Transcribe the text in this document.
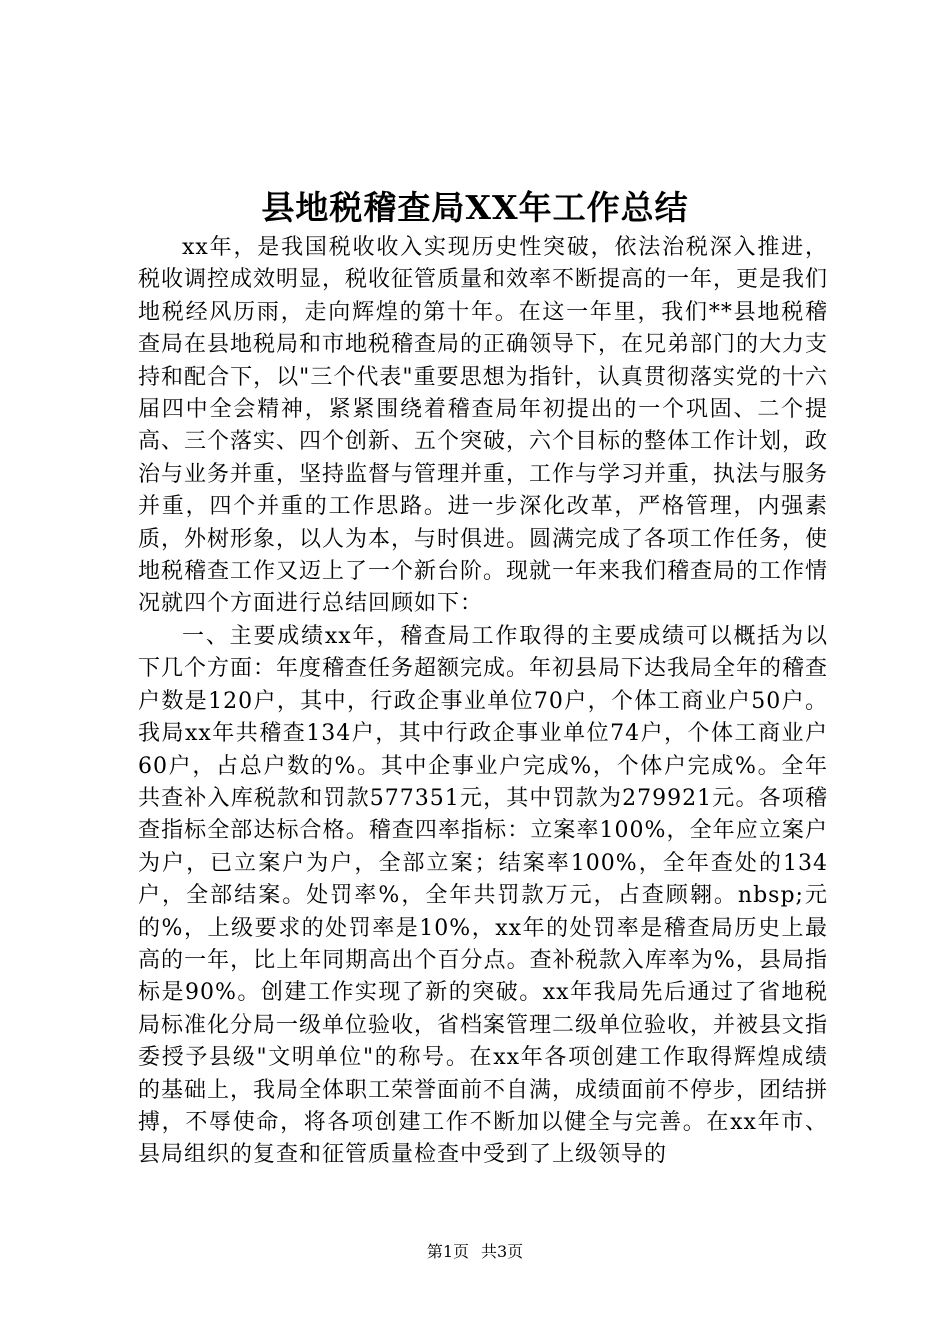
县地税稽查局XX年工作总结

xx年，是我国税收收入实现历史性突破，依法治税深入推进，税收调控成效明显，税收征管质量和效率不断提高的一年，更是我们地税经风历雨，走向辉煌的第十年。在这一年里，我们**县地税稽查局在县地税局和市地税稽查局的正确领导下，在兄弟部门的大力支持和配合下，以"三个代表"重要思想为指针，认真贯彻落实党的十六届四中全会精神，紧紧围绕着稽查局年初提出的一个巩固、二个提高、三个落实、四个创新、五个突破，六个目标的整体工作计划，政治与业务并重，坚持监督与管理并重，工作与学习并重，执法与服务并重，四个并重的工作思路。进一步深化改革，严格管理，内强素质，外树形象，以人为本，与时俱进。圆满完成了各项工作任务，使地税稽查工作又迈上了一个新台阶。现就一年来我们稽查局的工作情况就四个方面进行总结回顾如下：

一、主要成绩xx年，稽查局工作取得的主要成绩可以概括为以下几个方面：年度稽查任务超额完成。年初县局下达我局全年的稽查户数是120户，其中，行政企事业单位70户，个体工商业户50户。我局xx年共稽查134户，其中行政企事业单位74户，个体工商业户60户，占总户数的%。其中企事业户完成%，个体户完成%。全年共查补入库税款和罚款577351元，其中罚款为279921元。各项稽查指标全部达标合格。稽查四率指标：立案率100%，全年应立案户为户，已立案户为户，全部立案；结案率100%，全年查处的134户，全部结案。处罚率%，全年共罚款万元，占查顾翱。nbsp;元的%，上级要求的处罚率是10%，xx年的处罚率是稽查局历史上最高的一年，比上年同期高出个百分点。查补税款入库率为%，县局指标是90%。创建工作实现了新的突破。xx年我局先后通过了省地税局标准化分局一级单位验收，省档案管理二级单位验收，并被县文指委授予县级"文明单位"的称号。在xx年各项创建工作取得辉煌成绩的基础上，我局全体职工荣誉面前不自满，成绩面前不停步，团结拼搏，不辱使命，将各项创建工作不断加以健全与完善。在xx年市、县局组织的复查和征管质量检查中受到了上级领导的

第1页 共3页
